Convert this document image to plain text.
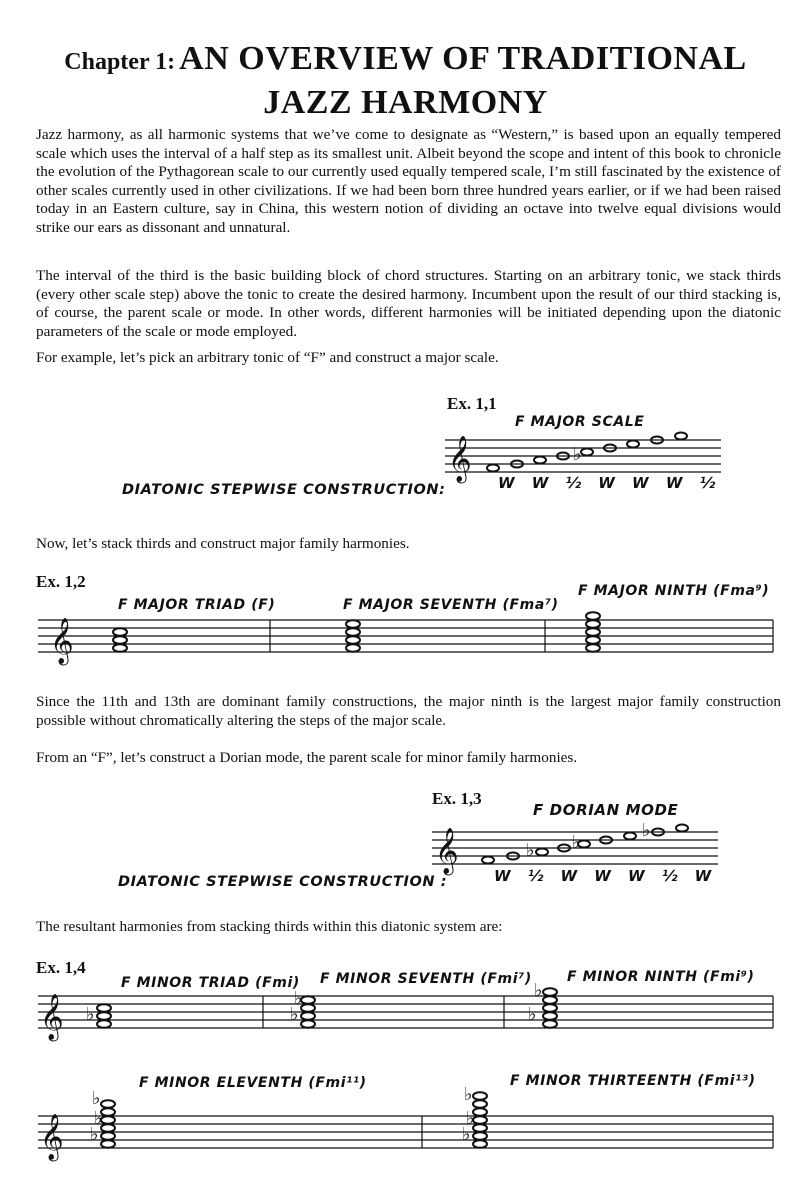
Chapter 1: AN OVERVIEW OF TRADITIONAL
JAZZ HARMONY

Jazz harmony, as all harmonic systems that we’ve come to designate as “Western,” is based upon an equally tempered scale which uses the interval of a half step as its smallest unit. Albeit beyond the scope and intent of this book to chronicle the evolution of the Pythagorean scale to our currently used equally tempered scale, I’m still fascinated by the existence of other scales currently used in other civilizations. If we had been born three hundred years earlier, or if we had been raised today in an Eastern culture, say in China, this western notion of dividing an octave into twelve equal divisions would strike our ears as dissonant and unnatural.

The interval of the third is the basic building block of chord structures. Starting on an arbitrary tonic, we stack thirds (every other scale step) above the tonic to create the desired harmony. Incumbent upon the result of our third stacking is, of course, the parent scale or mode. In other words, different harmonies will be initiated depending upon the diatonic parameters of the scale or mode employed.

For example, let’s pick an arbitrary tonic of “F” and construct a major scale.

Ex. 1,1
F MAJOR SCALE
𝄞	♭
DIATONIC STEPWISE CONSTRUCTION:	W W ½ W W W ½

Now, let’s stack thirds and construct major family harmonies.

Ex. 1,2
F MAJOR TRIAD (F)	F MAJOR SEVENTH (Fma⁷)
F MAJOR NINTH (Fma⁹)
𝄞

Since the 11th and 13th are dominant family constructions, the major ninth is the largest major family construction possible without chromatically altering the steps of the major scale.

From an “F”, let’s construct a Dorian mode, the parent scale for minor family harmonies.

Ex. 1,3
F DORIAN MODE
𝄞	♭ ♭
♭
DIATONIC STEPWISE CONSTRUCTION :	W ½ W W W ½ W

The resultant harmonies from stacking thirds within this diatonic system are:

Ex. 1,4
F MINOR TRIAD (Fmi) F MINOR SEVENTH (Fmi⁷)	F MINOR NINTH (Fmi⁹)
𝄞 ♭	♭
♭
♭
♭
F MINOR ELEVENTH (Fmi¹¹)	F MINOR THIRTEENTH (Fmi¹³)
𝄞 ♭
♭
♭
♭
♭
♭
